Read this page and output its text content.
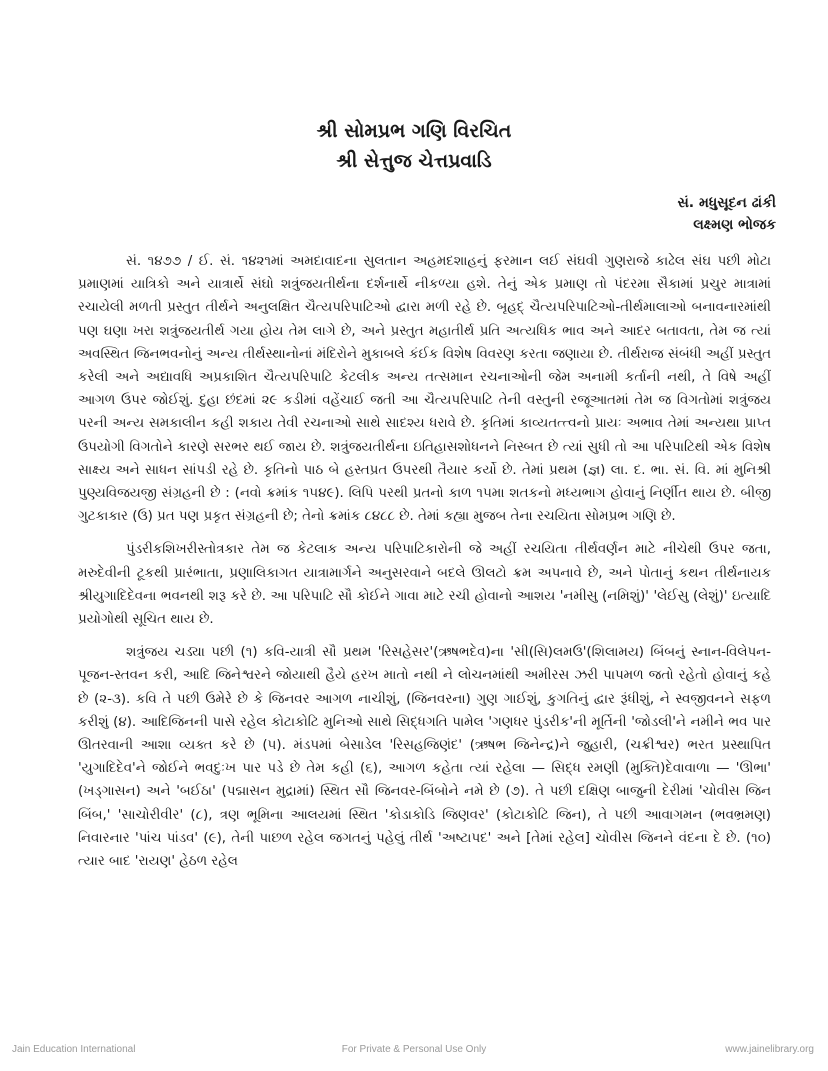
શ્રી સોમપ્રભ ગણિ વિરચિત
શ્રી સેત્તુજ ચેત્તપ્રવાડિ
સં. મધુસૂદન ઢાંકી
લક્ષ્મણ ભોજક

સં. ૧૪૭૭ / ઈ. સં. ૧૪૨૧માં અમદાવાદના સુલતાન અહમદશાહનું ફરમાન લઈ સંઘવી ગુણરાજે કાઢેલ સંઘ પછી મોટા પ્રમાણમાં યાત્રિકો અને યાત્રાર્થે સંઘો શત્રુંજયતીર્થના દર્શનાર્થે નીકળ્યા હશે. તેનું એક પ્રમાણ તો પંદરમા સૈકામાં પ્રચુર માત્રામાં રચાયેલી મળતી પ્રસ્તુત તીર્થને અનુલક્ષિત ચૈત્યપરિપાટિઓ દ્વારા મળી રહે છે. બૃહદ્ ચૈત્યપરિપાટિઓ-તીર્થમાલાઓ બનાવનારમાંથી પણ ઘણા ખરા શત્રુંજયતીર્થ ગયા હોય તેમ લાગે છે, અને પ્રસ્તુત મહાતીર્થ પ્રતિ અત્યધિક ભાવ અને આદર બતાવતા, તેમ જ ત્યાં અવસ્થિત જિનભવનોનું અન્ય તીર્થસ્થાનોનાં મંદિરોને મુકાબલે કંઈક વિશેષ વિવરણ કરતા જણાયા છે. તીર્થરાજ સંબંધી અહીં પ્રસ્તુત કરેલી અને અદ્યાવધિ અપ્રકાશિત ચૈત્યપરિપાટિ કેટલીક અન્ય તત્સમાન રચનાઓની જેમ અનામી કર્તાની નથી, તે વિષે અહીં આગળ ઉપર જોઈશું. દુહા છંદમાં ૨૯ કડીમાં વહેંચાઈ જતી આ ચૈત્યપરિપાટિ તેની વસ્તુની રજૂઆતમાં તેમ જ વિગતોમાં શત્રુંજય પરની અન્ય સમકાલીન કહી શકાય તેવી રચનાઓ સાથે સાદશ્ય ધરાવે છે. કૃતિમાં કાવ્યતત્ત્વનો પ્રાયઃ અભાવ તેમાં અન્યથા પ્રાપ્ત ઉપયોગી વિગતોને કારણે સરભર થઈ જાય છે. શત્રુંજયતીર્થના ઇતિહાસશોધનને નિસ્બત છે ત્યાં સુધી તો આ પરિપાટિથી એક વિશેષ સાક્ષ્ય અને સાધન સાંપડી રહે છે. કૃતિનો પાઠ બે હસ્તપ્રત ઉપરથી તૈયાર કર્યો છે. તેમાં પ્રથમ (જ્ઞ) લા. દ. ભા. સં. વિ. માં મુનિશ્રી પુણ્યવિજયજી સંગ્રહની છે : (નવો ક્રમાંક ૧૫૪૯). લિપિ પરથી પ્રતનો કાળ ૧૫મા શતકનો મધ્યભાગ હોવાનું નિર્ણીત થાય છે. બીજી ગુટકાકાર (ઉ) પ્રત પણ પ્રકૃત સંગ્રહની છે; તેનો ક્રમાંક ૮૪૮૮ છે. તેમાં કહ્યા મુજબ તેના રચયિતા સોમપ્રભ ગણિ છે.

પુંડરીકશિખરીસ્તોત્રકાર તેમ જ કેટલાક અન્ય પરિપાટિકારોની જે અહીં રચયિતા તીર્થવર્ણન માટે નીચેથી ઉપર જતા, મરુદેવીની ટૂકથી પ્રારંભાતા, પ્રણાલિકાગત યાત્રામાર્ગને અનુસરવાને બદલે ઊલટો ક્રમ અપનાવે છે, અને પોતાનું કથન તીર્થનાયક શ્રીયુગાદિદેવના ભવનથી શરૂ કરે છે. આ પરિપાટિ સૌ કોઈને ગાવા માટે રચી હોવાનો આશય 'નમીસુ (નમિશું)' 'લેઈસુ (લેશું)' ઇત્યાદિ પ્રયોગોથી સૂચિત થાય છે.

શત્રુંજય ચડ્યા પછી (૧) કવિ-યાત્રી સૌ પ્રથમ 'રિસહેસર'(ઋષભદેવ)ના 'સી(સિ)લમઉ'(શિલામય) બિંબનું સ્નાન-વિલેપન-પૂજન-સ્તવન કરી, આદિ જિનેશ્વરને જોયાથી હૈયે હરખ માતો નથી ને લોચનમાંથી અમીરસ ઝરી પાપમળ જતો રહેતો હોવાનું કહે છે (૨-૩). કવિ તે પછી ઉમેરે છે કે જિનવર આગળ નાચીશું, (જિનવરના) ગુણ ગાઈશું, કુગતિનું દ્વાર રૂંધીશું, ને સ્વજીવનને સફળ કરીશું (૪). આદિજિનની પાસે રહેલ કોટાકોટિ મુનિઓ સાથે સિદ્ધગતિ પામેલ 'ગણધર પુંડરીક'ની મૂર્તિની 'જોડલી'ને નમીને ભવ પાર ઊતરવાની આશા વ્યક્ત કરે છે (૫). મંડપમાં બેસાડેલ 'રિસહજિણંદ' (ઋષભ જિનેન્દ્ર)ને જુહારી, (ચક્રીશ્વર) ભરત પ્રસ્થાપિત 'યુગાદિદેવ'ને જોઈને ભવદુઃખ પાર પડે છે તેમ કહી (૬), આગળ કહેતા ત્યાં રહેલા — સિદ્ધ રમણી (મુક્તિ)દેવાવાળા — 'ઊભા' (ખડ્ગાસન) અને 'બઈઠા' (પદ્માસન મુદ્રામાં) સ્થિત સૌ જિનવર-બિંબોને નમે છે (૭). તે પછી દક્ષિણ બાજુની દેરીમાં 'ચોવીસ જિન બિંબ,' 'સાચોરીવીર' (૮), ત્રણ ભૂમિના આલયમાં સ્થિત 'કોડાકોડિ જિણવર' (કોટાકોટિ જિન), તે પછી આવાગમન (ભવભ્રમણ) નિવારનાર 'પાંચ પાંડવ' (૯), તેની પાછળ રહેલ જગતનું પહેલું તીર્થ 'અષ્ટાપદ' અને [તેમાં રહેલ] ચોવીસ જિનને વંદના દે છે. (૧૦) ત્યાર બાદ 'રાયણ' હેઠળ રહેલ

Jain Education International	For Private & Personal Use Only	www.jainelibrary.org
